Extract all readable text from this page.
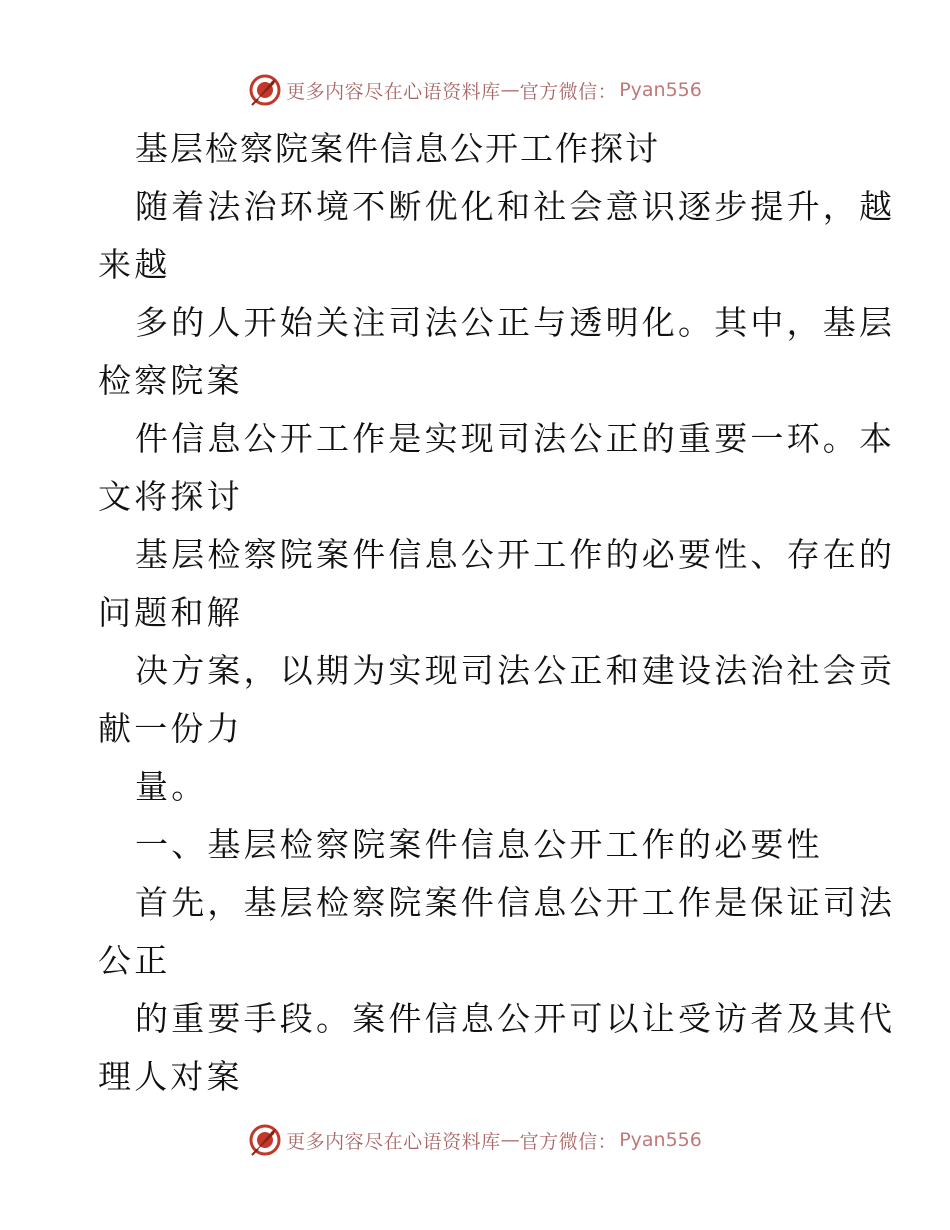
更多内容尽在心语资料库 — 官方微信： Pyan556
基层检察院案件信息公开工作探讨
随着法治环境不断优化和社会意识逐步提升，越
来越
多的人开始关注司法公正与透明化。其中，基层
检察院案
件信息公开工作是实现司法公正的重要一环。本
文将探讨
基层检察院案件信息公开工作的必要性、存在的
问题和解
决方案，以期为实现司法公正和建设法治社会贡
献一份力
量。
一、基层检察院案件信息公开工作的必要性
首先，基层检察院案件信息公开工作是保证司法
公正
的重要手段。案件信息公开可以让受访者及其代
理人对案
更多内容尽在心语资料库 — 官方微信： Pyan556
